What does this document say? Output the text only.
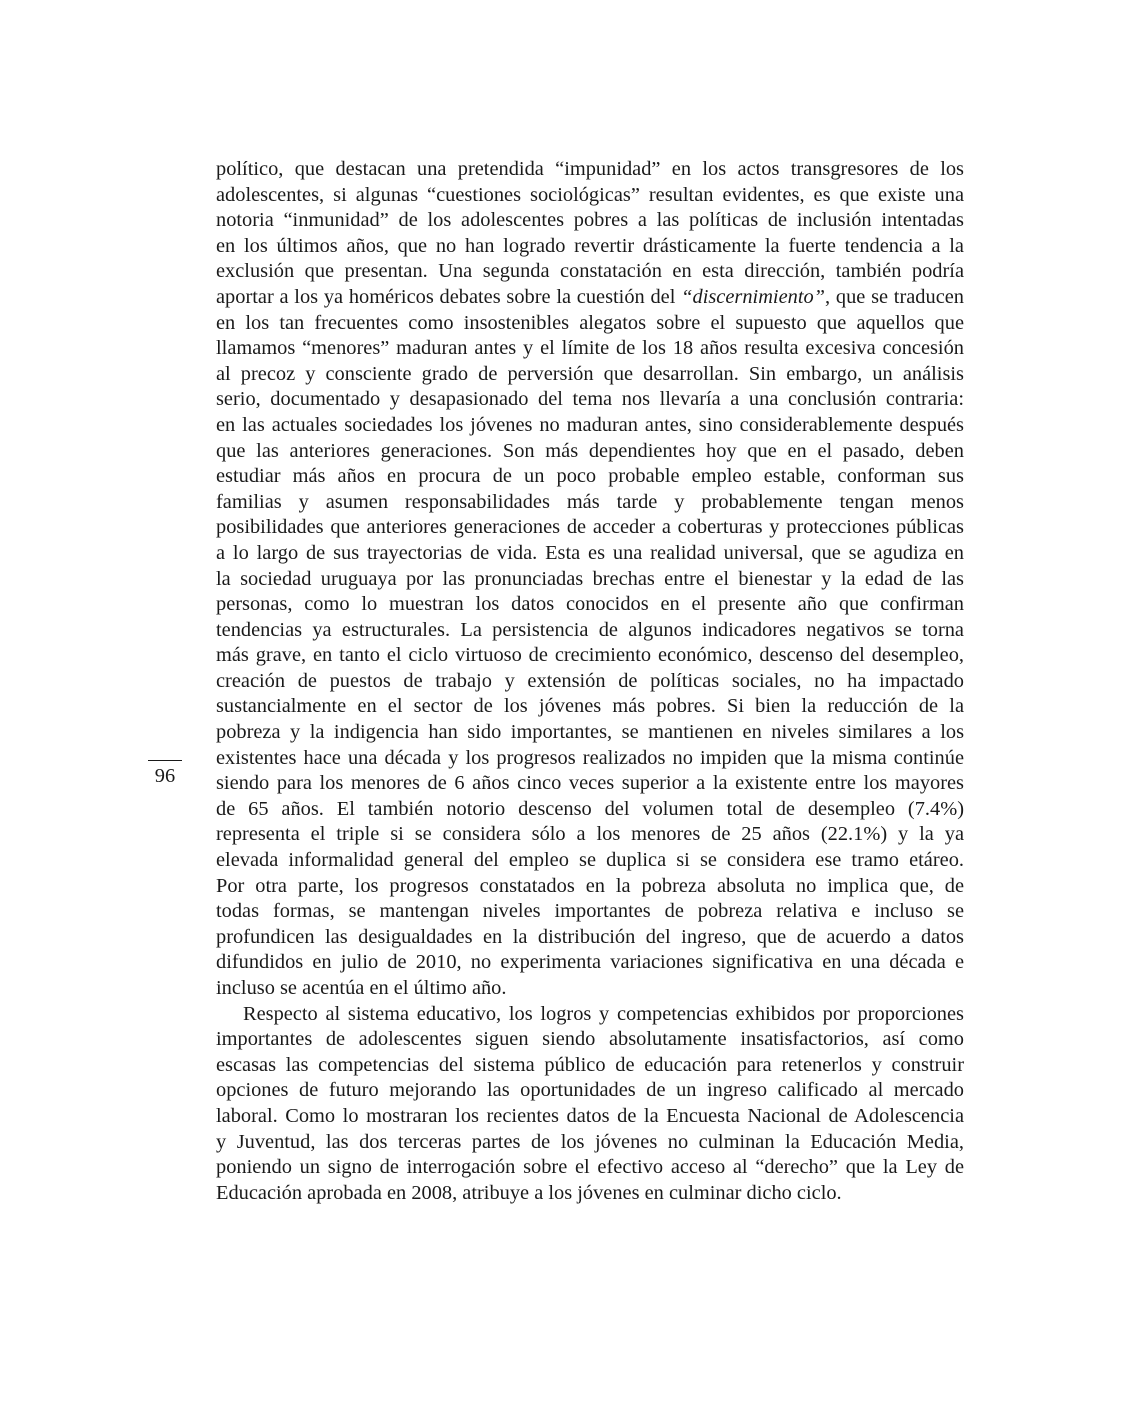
96
político, que destacan una pretendida “impunidad” en los actos transgresores de los
adolescentes, si algunas “cuestiones sociológicas” resultan evidentes, es que existe una
notoria “inmunidad” de los adolescentes pobres a las políticas de inclusión intentadas
en los últimos años, que no han logrado revertir drásticamente la fuerte tendencia a la
exclusión que presentan. Una segunda constatación en esta dirección, también podría
aportar a los ya homéricos debates sobre la cuestión del “discernimiento”, que se traducen
en los tan frecuentes como insostenibles alegatos sobre el supuesto que aquellos que
llamamos “menores” maduran antes y el límite de los 18 años resulta excesiva concesión
al precoz y consciente grado de perversión que desarrollan. Sin embargo, un análisis
serio, documentado y desapasionado del tema nos llevaría a una conclusión contraria:
en las actuales sociedades los jóvenes no maduran antes, sino considerablemente después
que las anteriores generaciones. Son más dependientes hoy que en el pasado, deben
estudiar más años en procura de un poco probable empleo estable, conforman sus
familias y asumen responsabilidades más tarde y probablemente tengan menos
posibilidades que anteriores generaciones de acceder a coberturas y protecciones públicas
a lo largo de sus trayectorias de vida. Esta es una realidad universal, que se agudiza en
la sociedad uruguaya por las pronunciadas brechas entre el bienestar y la edad de las
personas, como lo muestran los datos conocidos en el presente año que confirman
tendencias ya estructurales. La persistencia de algunos indicadores negativos se torna
más grave, en tanto el ciclo virtuoso de crecimiento económico, descenso del desempleo,
creación de puestos de trabajo y extensión de políticas sociales, no ha impactado
sustancialmente en el sector de los jóvenes más pobres. Si bien la reducción de la
pobreza y la indigencia han sido importantes, se mantienen en niveles similares a los
existentes hace una década y los progresos realizados no impiden que la misma continúe
siendo para los menores de 6 años cinco veces superior a la existente entre los mayores
de 65 años. El también notorio descenso del volumen total de desempleo (7.4%)
representa el triple si se considera sólo a los menores de 25 años (22.1%) y la ya
elevada informalidad general del empleo se duplica si se considera ese tramo etáreo.
Por otra parte, los progresos constatados en la pobreza absoluta no implica que, de
todas formas, se mantengan niveles importantes de pobreza relativa e incluso se
profundicen las desigualdades en la distribución del ingreso, que de acuerdo a datos
difundidos en julio de 2010, no experimenta variaciones significativa en una década e
incluso se acentúa en el último año.
Respecto al sistema educativo, los logros y competencias exhibidos por proporciones
importantes de adolescentes siguen siendo absolutamente insatisfactorios, así como
escasas las competencias del sistema público de educación para retenerlos y construir
opciones de futuro mejorando las oportunidades de un ingreso calificado al mercado
laboral. Como lo mostraran los recientes datos de la Encuesta Nacional de Adolescencia
y Juventud, las dos terceras partes de los jóvenes no culminan la Educación Media,
poniendo un signo de interrogación sobre el efectivo acceso al “derecho” que la Ley de
Educación aprobada en 2008, atribuye a los jóvenes en culminar dicho ciclo.
